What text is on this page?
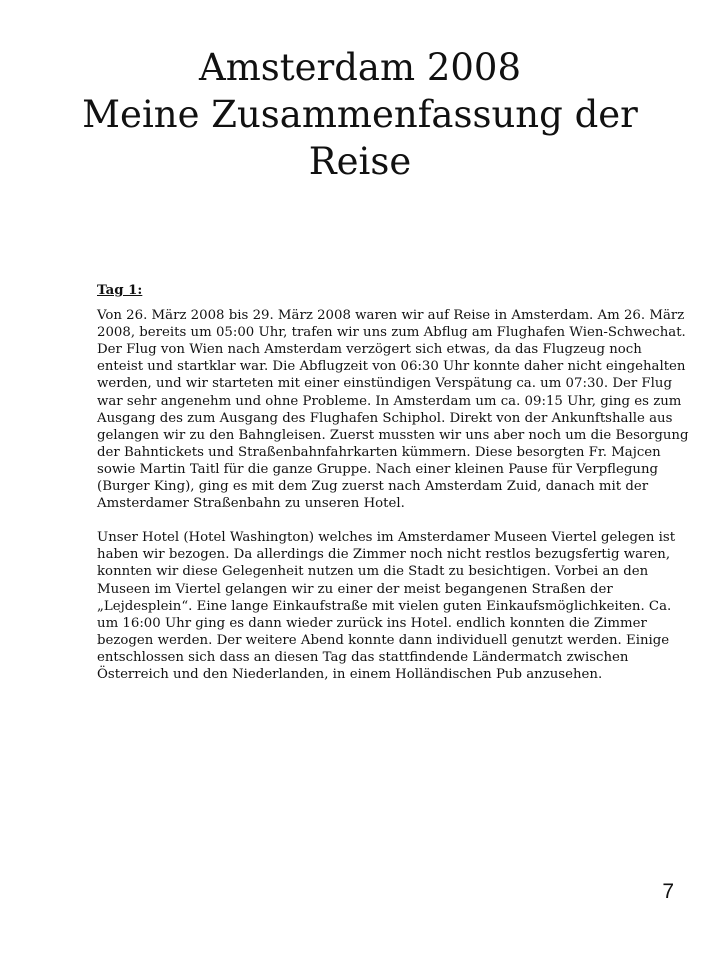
Amsterdam 2008
Meine Zusammenfassung der
Reise

Tag 1:

Von 26. März 2008 bis 29. März 2008 waren wir auf Reise in Amsterdam. Am 26. März 2008, bereits um 05:00 Uhr, trafen wir uns zum Abflug am Flughafen Wien-Schwechat. Der Flug von Wien nach Amsterdam verzögert sich etwas, da das Flugzeug noch enteist und startklar war. Die Abflugzeit von 06:30 Uhr konnte daher nicht eingehalten werden, und wir starteten mit einer einstündigen Verspätung ca. um 07:30. Der Flug war sehr angenehm und ohne Probleme. In Amsterdam um ca. 09:15 Uhr, ging es zum Ausgang des zum Ausgang des Flughafen Schiphol. Direkt von der Ankunftshalle aus gelangen wir zu den Bahngleisen. Zuerst mussten wir uns aber noch um die Besorgung der Bahntickets und Straßenbahnfahrkarten kümmern. Diese besorgten Fr. Majcen sowie Martin Taitl für die ganze Gruppe. Nach einer kleinen Pause für Verpflegung (Burger King), ging es mit dem Zug zuerst nach Amsterdam Zuid, danach mit der Amsterdamer Straßenbahn zu unseren Hotel.

Unser Hotel (Hotel Washington) welches im Amsterdamer Museen Viertel gelegen ist haben wir bezogen. Da allerdings die Zimmer noch nicht restlos bezugsfertig waren, konnten wir diese Gelegenheit nutzen um die Stadt zu besichtigen. Vorbei an den Museen im Viertel gelangen wir zu einer der meist begangenen Straßen der „Lejdesplein“. Eine lange Einkaufstraße mit vielen guten Einkaufsmöglichkeiten. Ca. um 16:00 Uhr ging es dann wieder zurück ins Hotel. endlich konnten die Zimmer bezogen werden. Der weitere Abend konnte dann individuell genutzt werden. Einige entschlossen sich dass an diesen Tag das stattfindende Ländermatch zwischen Österreich und den Niederlanden, in einem Holländischen Pub anzusehen.

7
